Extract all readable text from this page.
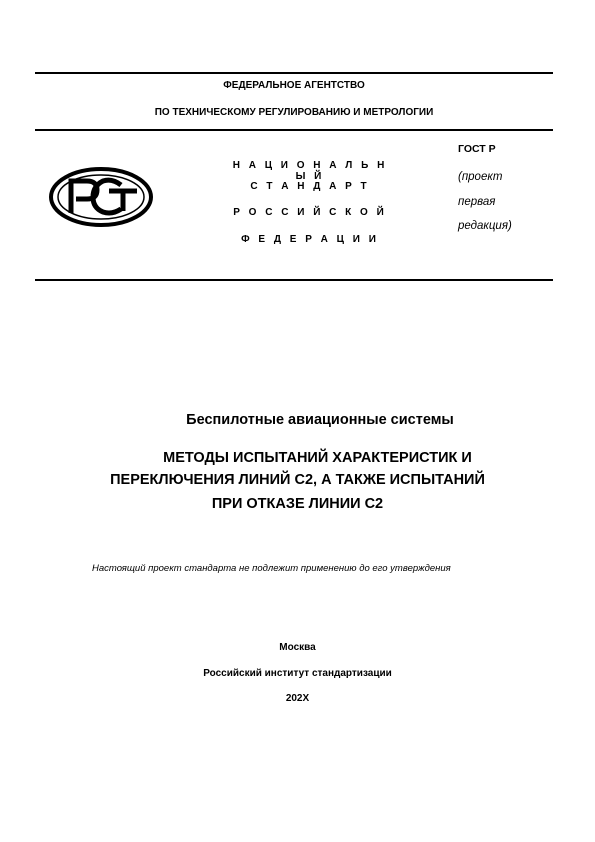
ФЕДЕРАЛЬНОЕ АГЕНТСТВО
ПО ТЕХНИЧЕСКОМУ РЕГУЛИРОВАНИЮ И МЕТРОЛОГИИ
Н А Ц И О Н А Л Ь Н Ы Й
С Т А Н Д А Р Т
Р О С С И Й С К О Й
Ф Е Д Е Р А Ц И И
ГОСТ Р
(проект
первая
редакция)
Беспилотные авиационные системы
МЕТОДЫ ИСПЫТАНИЙ ХАРАКТЕРИСТИК И
ПЕРЕКЛЮЧЕНИЯ ЛИНИЙ С2, А ТАКЖЕ ИСПЫТАНИЙ
ПРИ ОТКАЗЕ ЛИНИИ С2
Настоящий проект стандарта не подлежит применению до его утверждения
Москва
Российский институт стандартизации
202X
